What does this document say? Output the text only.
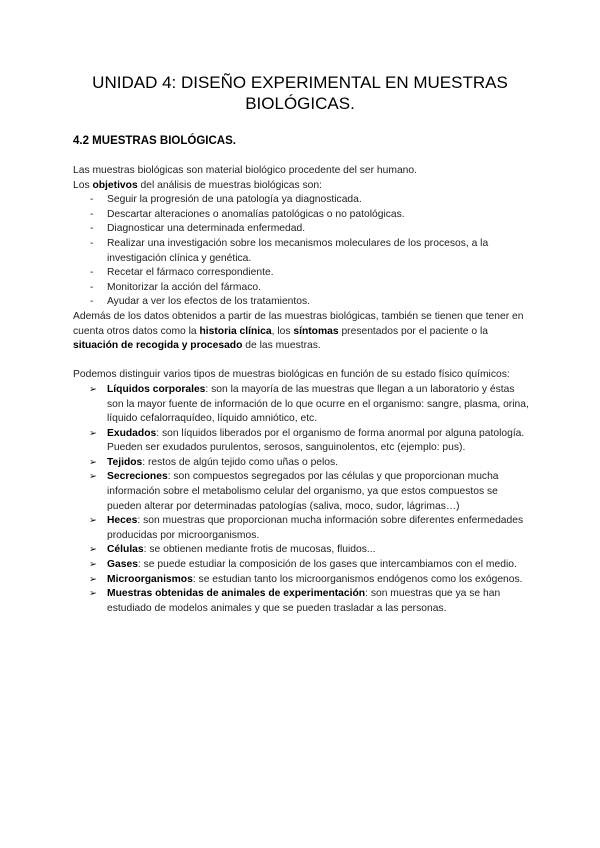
UNIDAD 4: DISEÑO EXPERIMENTAL EN MUESTRAS
BIOLÓGICAS.
4.2 MUESTRAS BIOLÓGICAS.

Las muestras biológicas son material biológico procedente del ser humano.

Los objetivos del análisis de muestras biológicas son:

- Seguir la progresión de una patología ya diagnosticada.
- Descartar alteraciones o anomalías patológicas o no patológicas.
- Diagnosticar una determinada enfermedad.
- Realizar una investigación sobre los mecanismos moleculares de los procesos, a la investigación clínica y genética.
- Recetar el fármaco correspondiente.
- Monitorizar la acción del fármaco.
- Ayudar a ver los efectos de los tratamientos.

Además de los datos obtenidos a partir de las muestras biológicas, también se tienen que tener en cuenta otros datos como la historia clínica, los síntomas presentados por el paciente o la situación de recogida y procesado de las muestras.

Podemos distinguir varios tipos de muestras biológicas en función de su estado físico químicos:

➢ Líquidos corporales: son la mayoría de las muestras que llegan a un laboratorio y éstas son la mayor fuente de información de lo que ocurre en el organismo: sangre, plasma, orina, líquido cefalorraquídeo, líquido amniótico, etc.
➢ Exudados: son líquidos liberados por el organismo de forma anormal por alguna patología. Pueden ser exudados purulentos, serosos, sanguinolentos, etc (ejemplo: pus).
➢ Tejidos: restos de algún tejido como uñas o pelos.
➢ Secreciones: son compuestos segregados por las células y que proporcionan mucha información sobre el metabolismo celular del organismo, ya que estos compuestos se pueden alterar por determinadas patologías (saliva, moco, sudor, lágrimas…)
➢ Heces: son muestras que proporcionan mucha información sobre diferentes enfermedades producidas por microorganismos.
➢ Células: se obtienen mediante frotis de mucosas, fluidos...
➢ Gases: se puede estudiar la composición de los gases que intercambiamos con el medio.
➢ Microorganismos: se estudian tanto los microorganismos endógenos como los exógenos.
➢ Muestras obtenidas de animales de experimentación: son muestras que ya se han estudiado de modelos animales y que se pueden trasladar a las personas.
